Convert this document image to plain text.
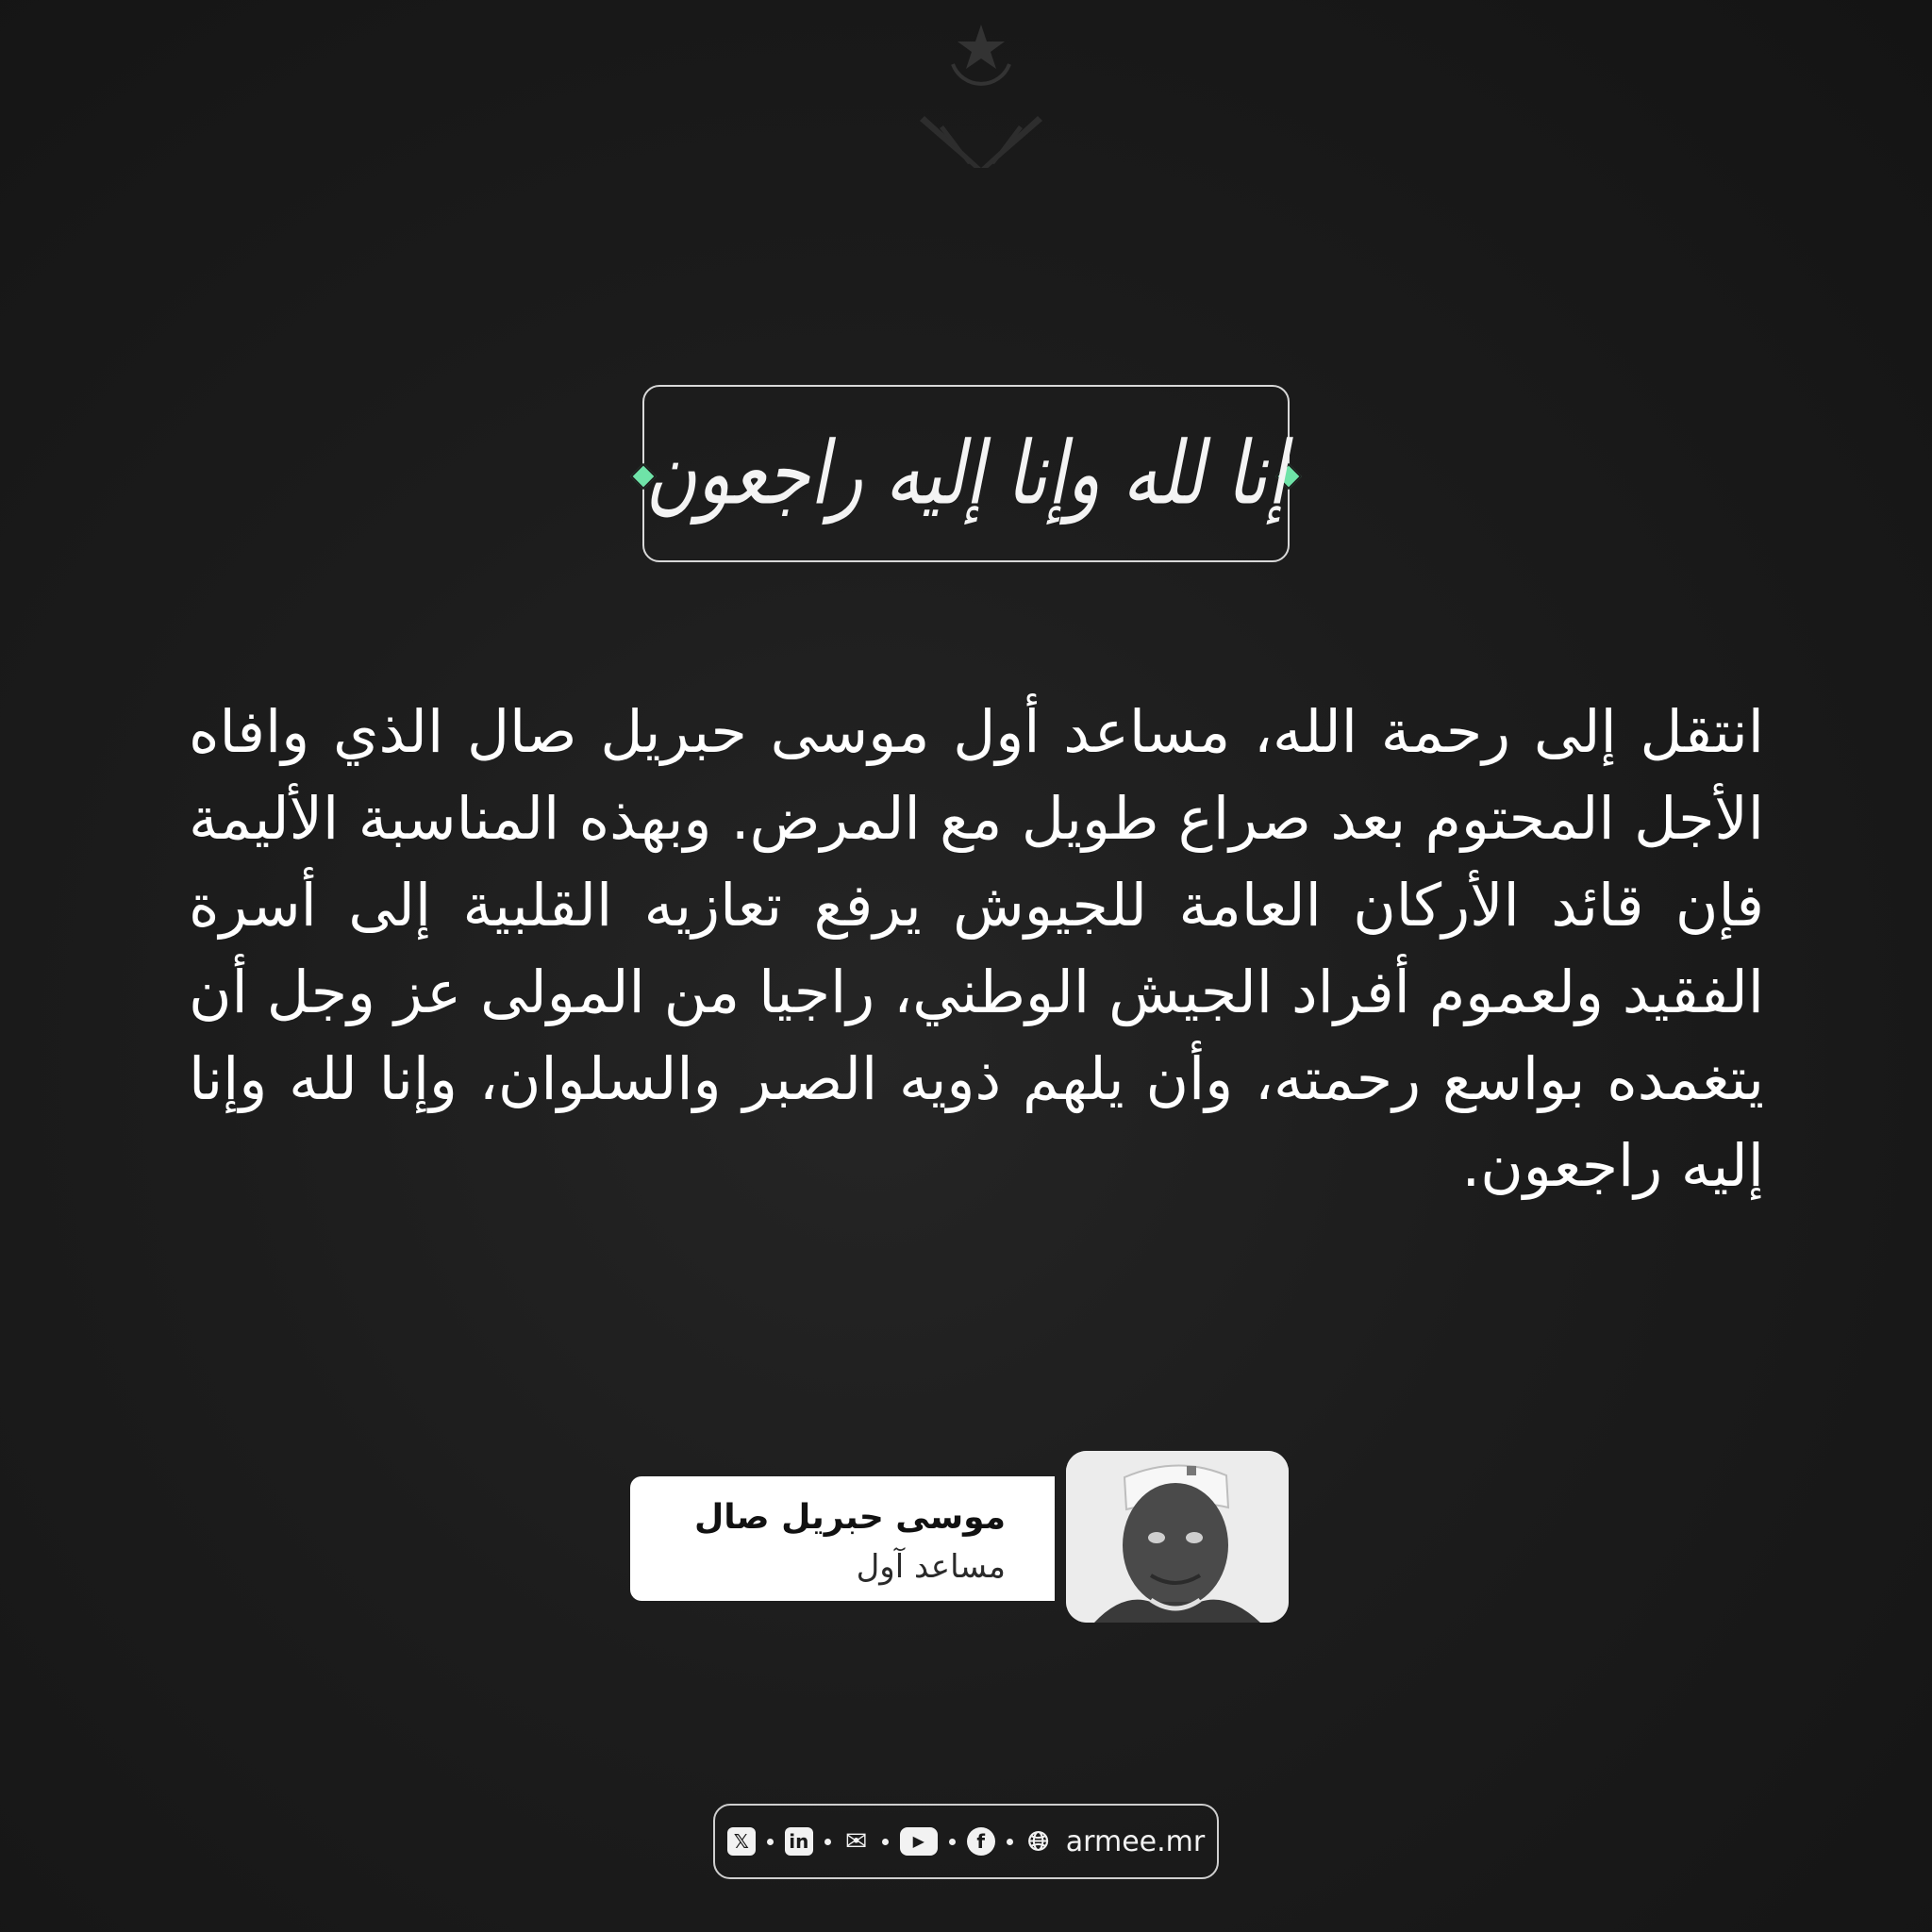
إنا لله وإنا إليه راجعون
انتقل إلى رحمة الله، مساعد أول موسى حبريل صال الذي وافاه الأجل المحتوم بعد صراع طويل مع المرض. وبهذه المناسبة الأليمة فإن قائد الأركان العامة للجيوش يرفع تعازيه القلبية إلى أسرة الفقيد ولعموم أفراد الجيش الوطني، راجيا من المولى عز وجل أن يتغمده بواسع رحمته، وأن يلهم ذويه الصبر والسلوان، وإنا لله وإنا إليه راجعون.
موسى حبريل صال
مساعد آول
𝕏	in ✉	▶	f	🌐︎ armee.mr
